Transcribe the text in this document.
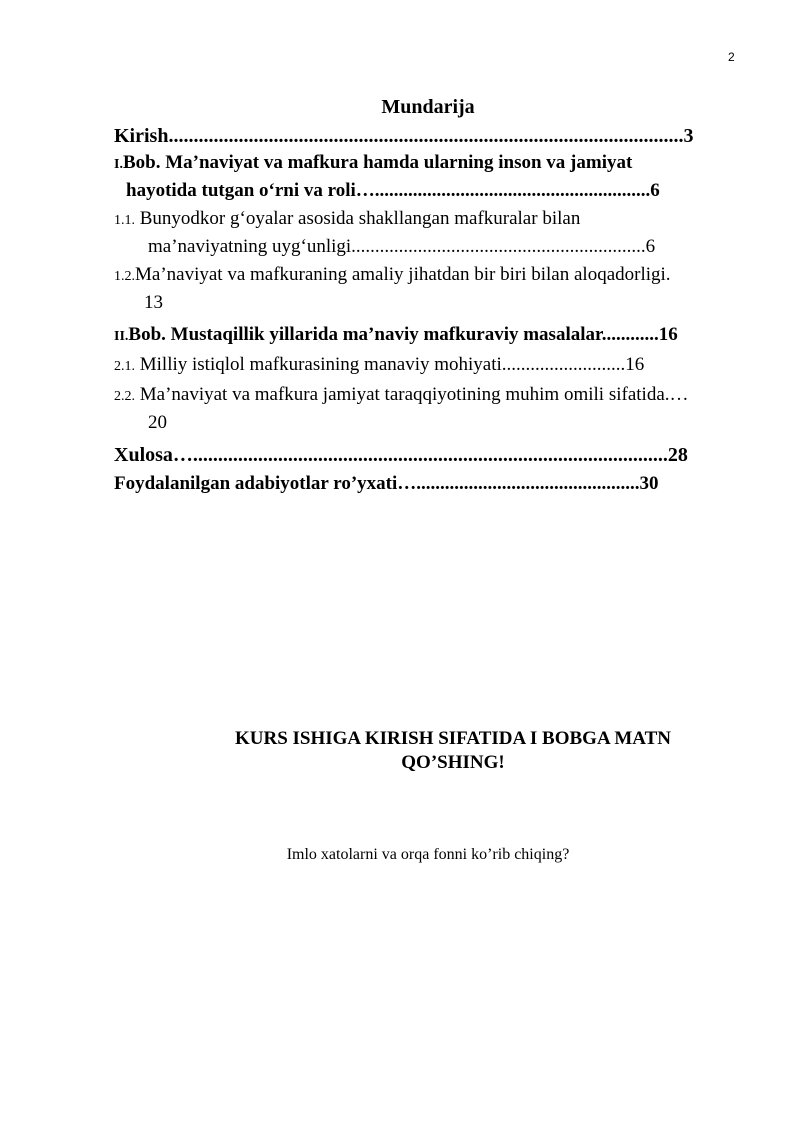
2
Mundarija
Kirish.......................................................................................................3
I.Bob. Ma’naviyat va mafkura hamda ularning inson va jamiyat
hayotida tutgan o‘rni va roli…..........................................................6
1.1. Bunyodkor g‘oyalar asosida shakllangan mafkuralar bilan
ma’naviyatning uyg‘unligi..............................................................6
1.2.Ma’naviyat va mafkuraning amaliy jihatdan bir biri bilan aloqadorligi.
13
II.Bob. Mustaqillik yillarida ma’naviy mafkuraviy masalalar............16
2.1. Milliy istiqlol mafkurasining manaviy mohiyati..........................16
2.2. Ma’naviyat va mafkura jamiyat taraqqiyotining muhim omili sifatida.…
20
Xulosa…...............................................................................................28
Foydalanilgan adabiyotlar ro’yxati…...............................................30
KURS ISHIGA KIRISH SIFATIDA I BOBGA MATN
QO’SHING!
Imlo xatolarni va orqa fonni ko’rib chiqing?
